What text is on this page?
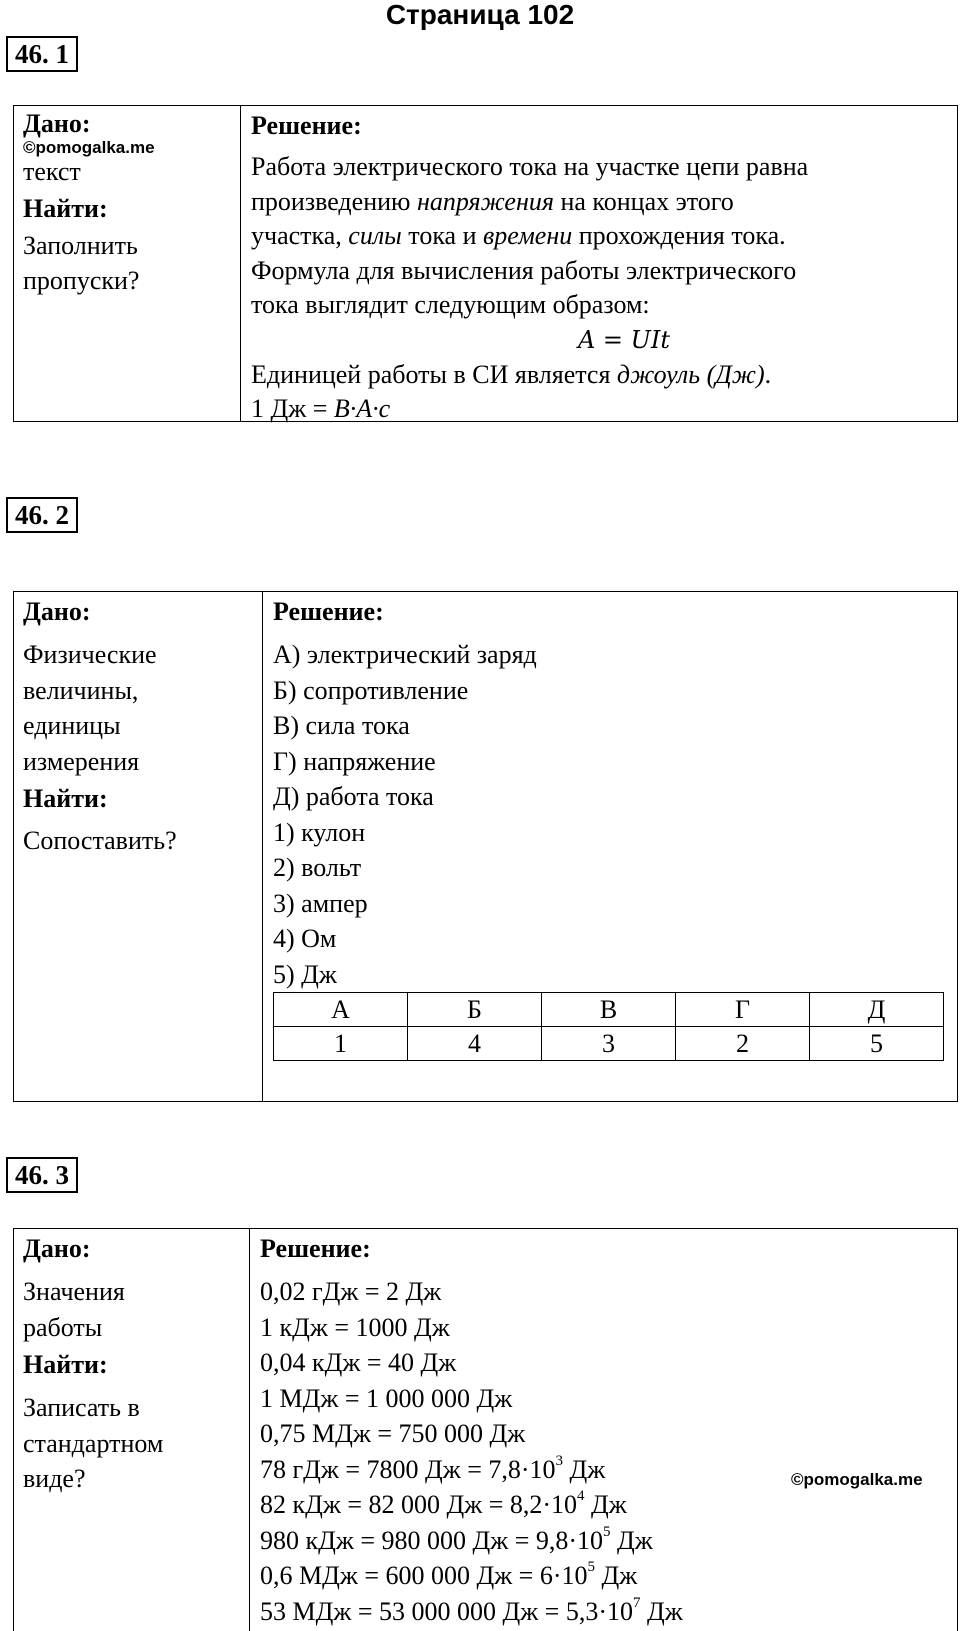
Страница 102
46. 1
Дано:
©pomogalka.me
текст
Найти:
Заполнить
пропуски?
Решение:
Работа электрического тока на участке цепи равна
произведению напряжения на концах этого
участка, силы тока и времени прохождения тока.
Формула для вычисления работы электрического
тока выглядит следующим образом:
A = UIt
Единицей работы в СИ является джоуль (Дж).
1 Дж = В·А·с
46. 2
Дано:
Физические
величины,
единицы
измерения
Найти:
Сопоставить?
Решение:
А) электрический заряд
Б) сопротивление
В) сила тока
Г) напряжение
Д) работа тока
1) кулон
2) вольт
3) ампер
4) Ом
5) Дж
А	Б	В	Г	Д
1	4	3	2	5
46. 3
Дано:
Значения
работы
Найти:
Записать в
стандартном
виде?
Решение:
0,02 гДж = 2 Дж
1 кДж = 1000 Дж
0,04 кДж = 40 Дж
1 МДж = 1 000 000 Дж
0,75 МДж = 750 000 Дж
78 гДж = 7800 Дж = $7,8\cdot 10^3$ Дж
82 кДж = 82 000 Дж = $8,2\cdot 10^4$ Дж
980 кДж = 980 000 Дж = $9,8\cdot 10^5$ Дж
0,6 МДж = 600 000 Дж = $6\cdot 10^5$ Дж
53 МДж = 53 000 000 Дж = $5,3\cdot 10^7$ Дж
©pomogalka.me
